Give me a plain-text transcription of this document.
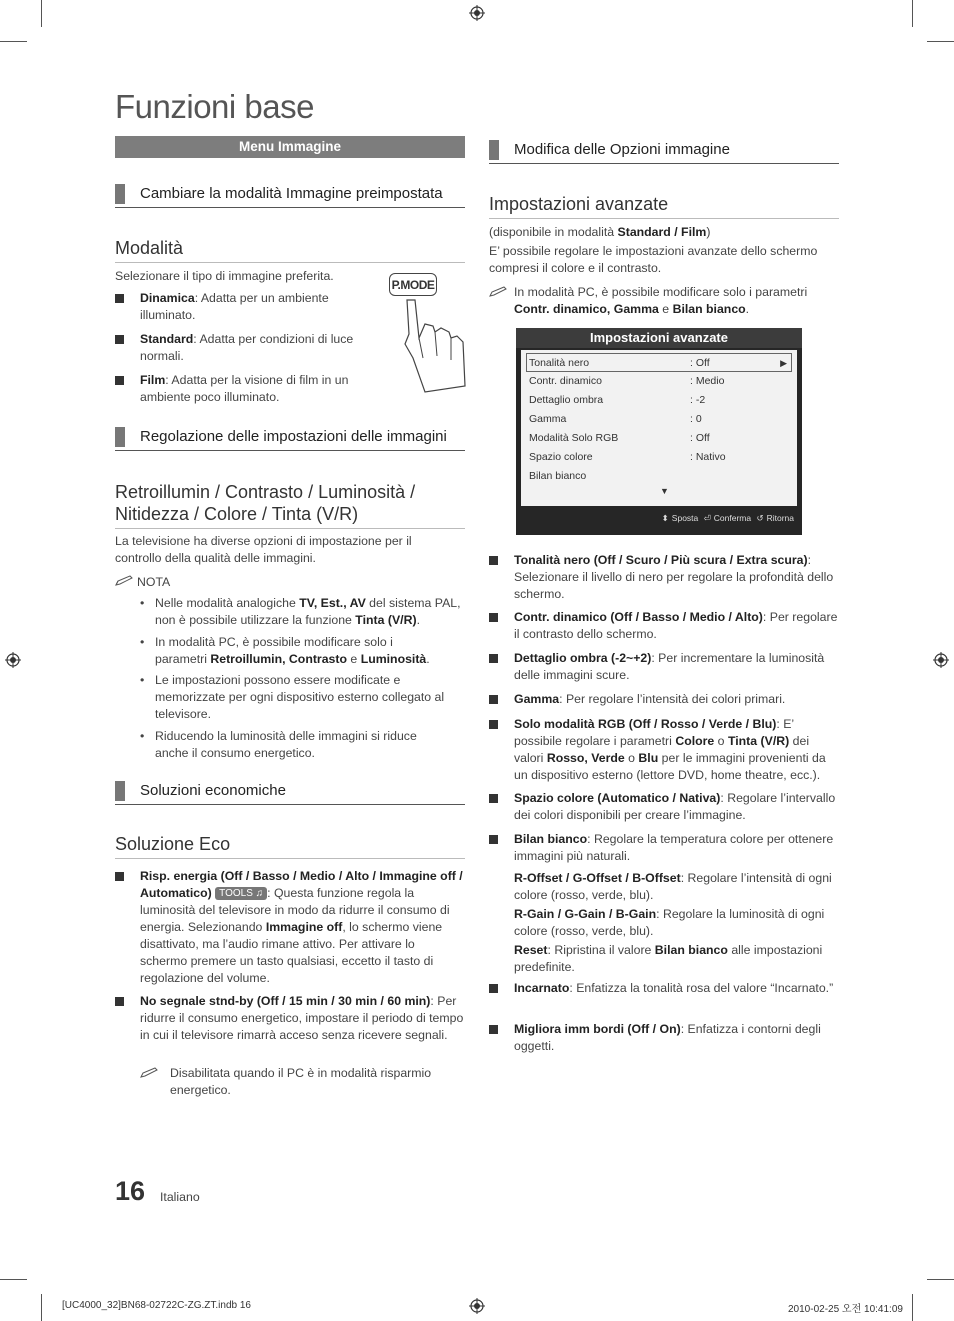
Funzioni base
Menu Immagine
Cambiare la modalità Immagine preimpostata
Modalità
Selezionare il tipo di immagine preferita.
Dinamica: Adatta per un ambiente illuminato.
Standard: Adatta per condizioni di luce normali.
Film: Adatta per la visione di film in un ambiente poco illuminato.
P.MODE
Regolazione delle impostazioni delle immagini
Retroillumin / Contrasto / Luminosità /
Nitidezza / Colore / Tinta (V/R)
La televisione ha diverse opzioni di impostazione per il controllo della qualità delle immagini.
NOTA
• Nelle modalità analogiche TV, Est., AV del sistema PAL, non è possibile utilizzare la funzione Tinta (V/R).
• In modalità PC, è possibile modificare solo i parametri Retroillumin, Contrasto e Luminosità.
• Le impostazioni possono essere modificate e memorizzate per ogni dispositivo esterno collegato al televisore.
• Riducendo la luminosità delle immagini si riduce anche il consumo energetico.
Soluzioni economiche
Soluzione Eco
Risp. energia (Off / Basso / Medio / Alto / Immagine off / Automatico) TOOLS ♫ : Questa funzione regola la luminosità del televisore in modo da ridurre il consumo di energia. Selezionando Immagine off, lo schermo viene disattivato, ma l’audio rimane attivo. Per attivare lo schermo premere un tasto qualsiasi, eccetto il tasto di regolazione del volume.
No segnale stnd-by (Off / 15 min / 30 min / 60 min): Per ridurre il consumo energetico, impostare il periodo di tempo in cui il televisore rimarrà acceso senza ricevere segnali.
Disabilitata quando il PC è in modalità risparmio energetico.
Modifica delle Opzioni immagine
Impostazioni avanzate
(disponibile in modalità Standard / Film)
E’ possibile regolare le impostazioni avanzate dello schermo compresi il colore e il contrasto.
In modalità PC, è possibile modificare solo i parametri Contr. dinamico, Gamma e Bilan bianco.
Impostazioni avanzate
Tonalità nero	: Off	▶
Contr. dinamico	: Medio
Dettaglio ombra	: -2
Gamma	: 0
Modalità Solo RGB	: Off
Spazio colore	: Nativo
Bilan bianco
▼
⬍ Sposta ⏎ Conferma ↺ Ritorna
Tonalità nero (Off / Scuro / Più scura / Extra scura): Selezionare il livello di nero per regolare la profondità dello schermo.
Contr. dinamico (Off / Basso / Medio / Alto): Per regolare il contrasto dello schermo.
Dettaglio ombra (-2~+2): Per incrementare la luminosità delle immagini scure.
Gamma: Per regolare l’intensità dei colori primari.
Solo modalità RGB (Off / Rosso / Verde / Blu): E’ possibile regolare i parametri Colore o Tinta (V/R) dei valori Rosso, Verde o Blu per le immagini provenienti da un dispositivo esterno (lettore DVD, home theatre, ecc.).
Spazio colore (Automatico / Nativa): Regolare l’intervallo dei colori disponibili per creare l’immagine.
Bilan bianco: Regolare la temperatura colore per ottenere immagini più naturali.
R-Offset / G-Offset / B-Offset: Regolare l’intensità di ogni colore (rosso, verde, blu).
R-Gain / G-Gain / B-Gain: Regolare la luminosità di ogni colore (rosso, verde, blu).
Reset: Ripristina il valore Bilan bianco alle impostazioni predefinite.
Incarnato: Enfatizza la tonalità rosa del valore “Incarnato.”
Migliora imm bordi (Off / On): Enfatizza i contorni degli oggetti.
16 Italiano
[UC4000_32]BN68-02722C-ZG.ZT.indb 16	2010-02-25 오전 10:41:09
